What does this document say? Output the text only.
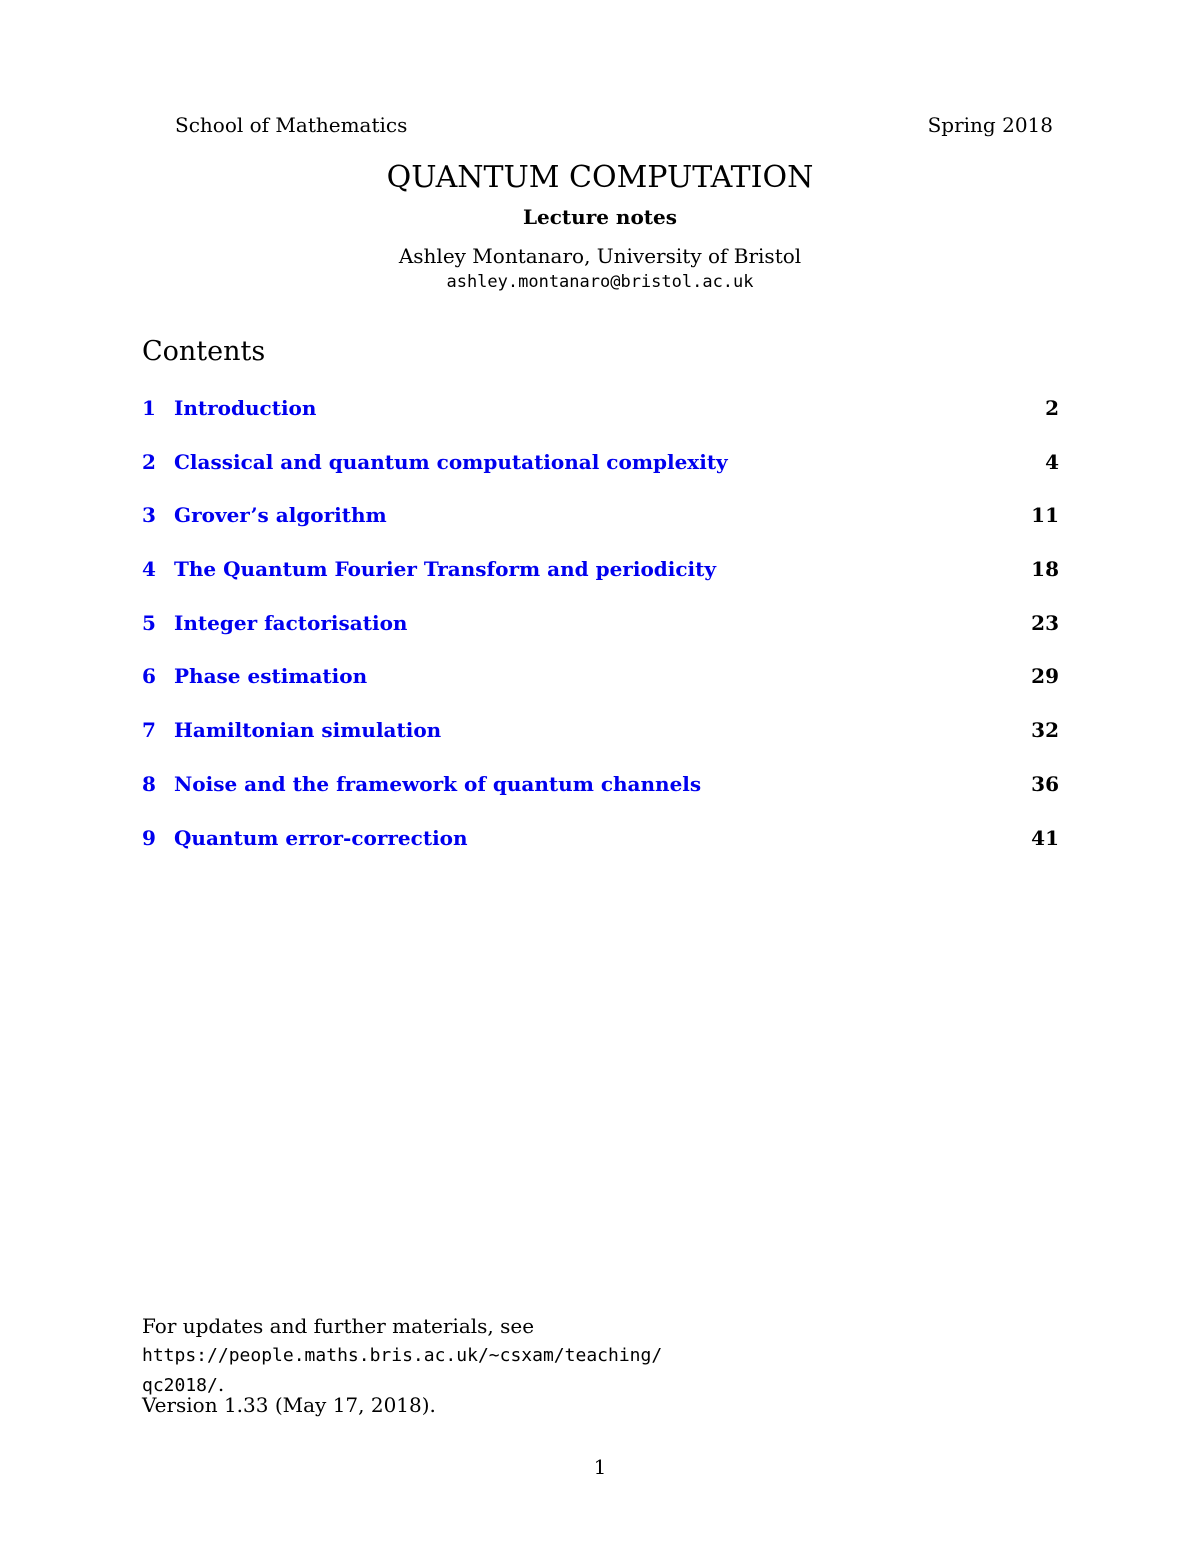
School of Mathematics	Spring 2018
QUANTUM COMPUTATION
Lecture notes
Ashley Montanaro, University of Bristol
ashley.montanaro@bristol.ac.uk
Contents
1 Introduction	2
2 Classical and quantum computational complexity	4
3 Grover’s algorithm	11
4 The Quantum Fourier Transform and periodicity	18
5 Integer factorisation	23
6 Phase estimation	29
7 Hamiltonian simulation	32
8 Noise and the framework of quantum channels	36
9 Quantum error-correction	41
For updates and further materials, see https://people.maths.bris.ac.uk/~csxam/teaching/
qc2018/.
Version 1.33 (May 17, 2018).
1
